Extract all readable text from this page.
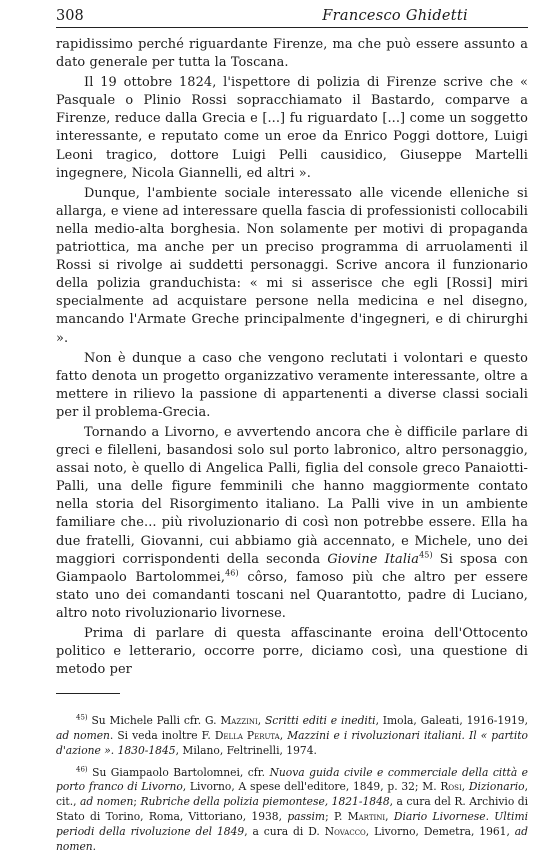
308	Francesco Ghidetti

rapidissimo perché riguardante Firenze, ma che può essere assunto a dato generale per tutta la Toscana.

Il 19 ottobre 1824, l'ispettore di polizia di Firenze scrive che « Pasquale o Plinio Rossi sopracchiamato il Bastardo, comparve a Firenze, reduce dalla Grecia e [...] fu riguardato [...] come un soggetto interessante, e reputato come un eroe da Enrico Poggi dottore, Luigi Leoni tragico, dottore Luigi Pelli causidico, Giuseppe Martelli ingegnere, Nicola Giannelli, ed altri ».

Dunque, l'ambiente sociale interessato alle vicende elleniche si allarga, e viene ad interessare quella fascia di professionisti collocabili nella medio-alta borghesia. Non solamente per motivi di propaganda patriottica, ma anche per un preciso programma di arruolamenti il Rossi si rivolge ai suddetti personaggi. Scrive ancora il funzionario della polizia granduchista: « mi si asserisce che egli [Rossi] miri specialmente ad acquistare persone nella medicina e nel disegno, mancando l'Armate Greche principalmente d'ingegneri, e di chirurghi ».

Non è dunque a caso che vengono reclutati i volontari e questo fatto denota un progetto organizzativo veramente interessante, oltre a mettere in rilievo la passione di appartenenti a diverse classi sociali per il problema-Grecia.

Tornando a Livorno, e avvertendo ancora che è difficile parlare di greci e filelleni, basandosi solo sul porto labronico, altro personaggio, assai noto, è quello di Angelica Palli, figlia del console greco Panaiotti-Palli, una delle figure femminili che hanno maggiormente contato nella storia del Risorgimento italiano. La Palli vive in un ambiente familiare che... più rivoluzionario di così non potrebbe essere. Ella ha due fratelli, Giovanni, cui abbiamo già accennato, e Michele, uno dei maggiori corrispondenti della seconda Giovine Italia$^{45)}$ Si sposa con Giampaolo Bartolommei,$^{46)}$ côrso, famoso più che altro per essere stato uno dei comandanti toscani nel Quarantotto, padre di Luciano, altro noto rivoluzionario livornese.

Prima di parlare di questa affascinante eroina dell'Ottocento politico e letterario, occorre porre, diciamo così, una questione di metodo per

$^{45)}$ Su Michele Palli cfr. G. Mazzini, Scritti editi e inediti, Imola, Galeati, 1916-1919, ad nomen. Si veda inoltre F. Della Peruta, Mazzini e i rivoluzionari italiani. Il « partito d'azione ». 1830-1845, Milano, Feltrinelli, 1974.

$^{46)}$ Su Giampaolo Bartolomnei, cfr. Nuova guida civile e commerciale della città e porto franco di Livorno, Livorno, A spese dell'editore, 1849, p. 32; M. Rosi, Dizionario, cit., ad nomen; Rubriche della polizia piemontese, 1821-1848, a cura del R. Archivio di Stato di Torino, Roma, Vittoriano, 1938, passim; P. Martini, Diario Livornese. Ultimi periodi della rivoluzione del 1849, a cura di D. Novacco, Livorno, Demetra, 1961, ad nomen.
